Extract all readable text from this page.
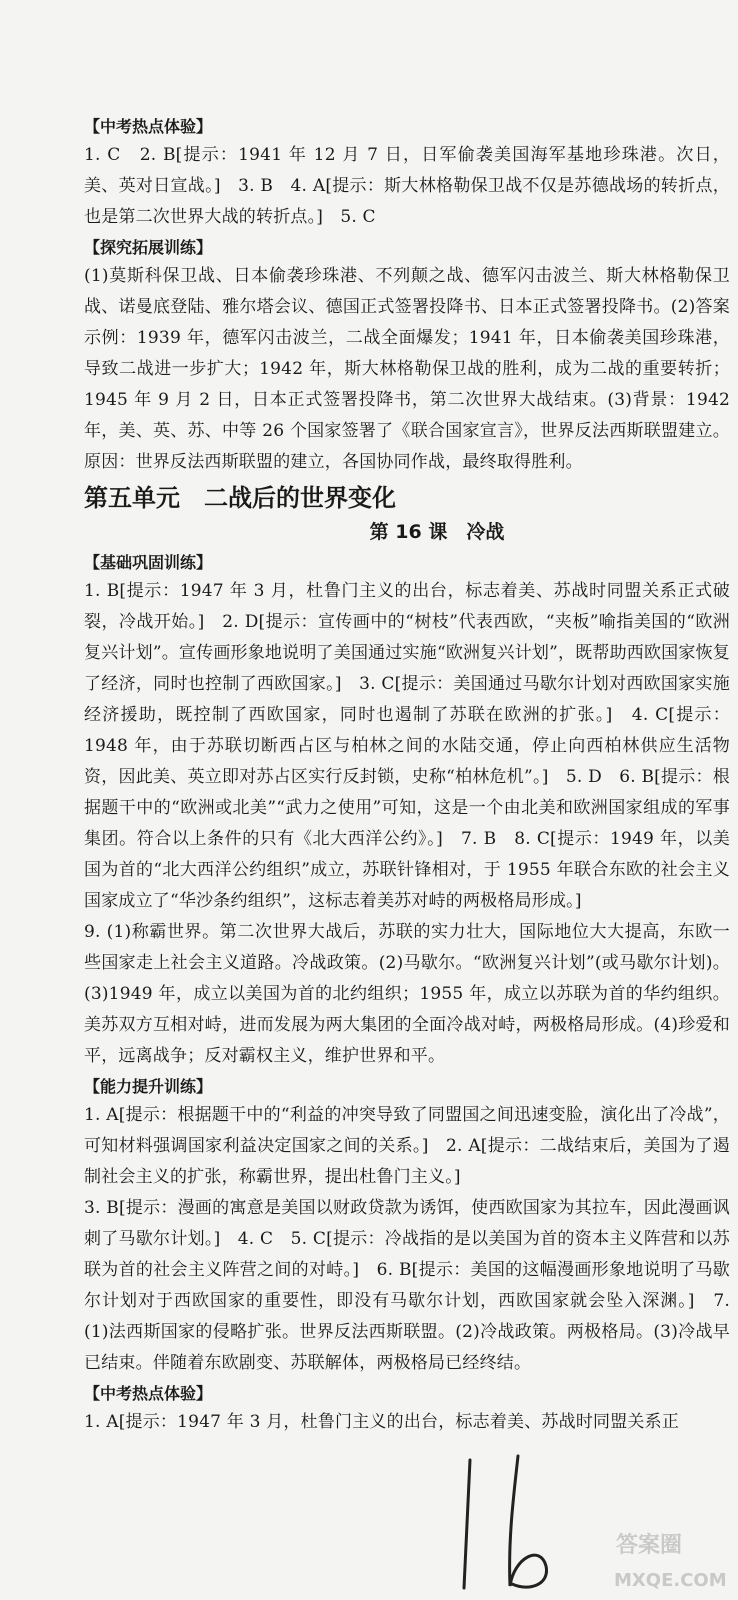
【中考热点体验】

1. C　2. B[提示：1941 年 12 月 7 日，日军偷袭美国海军基地珍珠港。次日，美、英对日宣战。]　3. B　4. A[提示：斯大林格勒保卫战不仅是苏德战场的转折点，也是第二次世界大战的转折点。]　5. C

【探究拓展训练】

(1)莫斯科保卫战、日本偷袭珍珠港、不列颠之战、德军闪击波兰、斯大林格勒保卫战、诺曼底登陆、雅尔塔会议、德国正式签署投降书、日本正式签署投降书。(2)答案示例：1939 年，德军闪击波兰，二战全面爆发；1941 年，日本偷袭美国珍珠港，导致二战进一步扩大；1942 年，斯大林格勒保卫战的胜利，成为二战的重要转折；1945 年 9 月 2 日，日本正式签署投降书，第二次世界大战结束。(3)背景：1942 年，美、英、苏、中等 26 个国家签署了《联合国家宣言》，世界反法西斯联盟建立。原因：世界反法西斯联盟的建立，各国协同作战，最终取得胜利。

第五单元　二战后的世界变化
第 16 课　冷战
【基础巩固训练】

1. B[提示：1947 年 3 月，杜鲁门主义的出台，标志着美、苏战时同盟关系正式破裂，冷战开始。]　2. D[提示：宣传画中的“树枝”代表西欧，“夹板”喻指美国的“欧洲复兴计划”。宣传画形象地说明了美国通过实施“欧洲复兴计划”，既帮助西欧国家恢复了经济，同时也控制了西欧国家。]　3. C[提示：美国通过马歇尔计划对西欧国家实施经济援助，既控制了西欧国家，同时也遏制了苏联在欧洲的扩张。]　4. C[提示：1948 年，由于苏联切断西占区与柏林之间的水陆交通，停止向西柏林供应生活物资，因此美、英立即对苏占区实行反封锁，史称“柏林危机”。]　5. D　6. B[提示：根据题干中的“欧洲或北美”“武力之使用”可知，这是一个由北美和欧洲国家组成的军事集团。符合以上条件的只有《北大西洋公约》。]　7. B　8. C[提示：1949 年，以美国为首的“北大西洋公约组织”成立，苏联针锋相对，于 1955 年联合东欧的社会主义国家成立了“华沙条约组织”，这标志着美苏对峙的两极格局形成。]

9. (1)称霸世界。第二次世界大战后，苏联的实力壮大，国际地位大大提高，东欧一些国家走上社会主义道路。冷战政策。(2)马歇尔。“欧洲复兴计划”(或马歇尔计划)。(3)1949 年，成立以美国为首的北约组织；1955 年，成立以苏联为首的华约组织。美苏双方互相对峙，进而发展为两大集团的全面冷战对峙，两极格局形成。(4)珍爱和平，远离战争；反对霸权主义，维护世界和平。

【能力提升训练】

1. A[提示：根据题干中的“利益的冲突导致了同盟国之间迅速变脸，演化出了冷战”，可知材料强调国家利益决定国家之间的关系。]　2. A[提示：二战结束后，美国为了遏制社会主义的扩张，称霸世界，提出杜鲁门主义。]

3. B[提示：漫画的寓意是美国以财政贷款为诱饵，使西欧国家为其拉车，因此漫画讽刺了马歇尔计划。]　4. C　5. C[提示：冷战指的是以美国为首的资本主义阵营和以苏联为首的社会主义阵营之间的对峙。]　6. B[提示：美国的这幅漫画形象地说明了马歇尔计划对于西欧国家的重要性，即没有马歇尔计划，西欧国家就会坠入深渊。]　7. (1)法西斯国家的侵略扩张。世界反法西斯联盟。(2)冷战政策。两极格局。(3)冷战早已结束。伴随着东欧剧变、苏联解体，两极格局已经终结。

【中考热点体验】

1. A[提示：1947 年 3 月，杜鲁门主义的出台，标志着美、苏战时同盟关系正

答案圈
MXQE.COM
